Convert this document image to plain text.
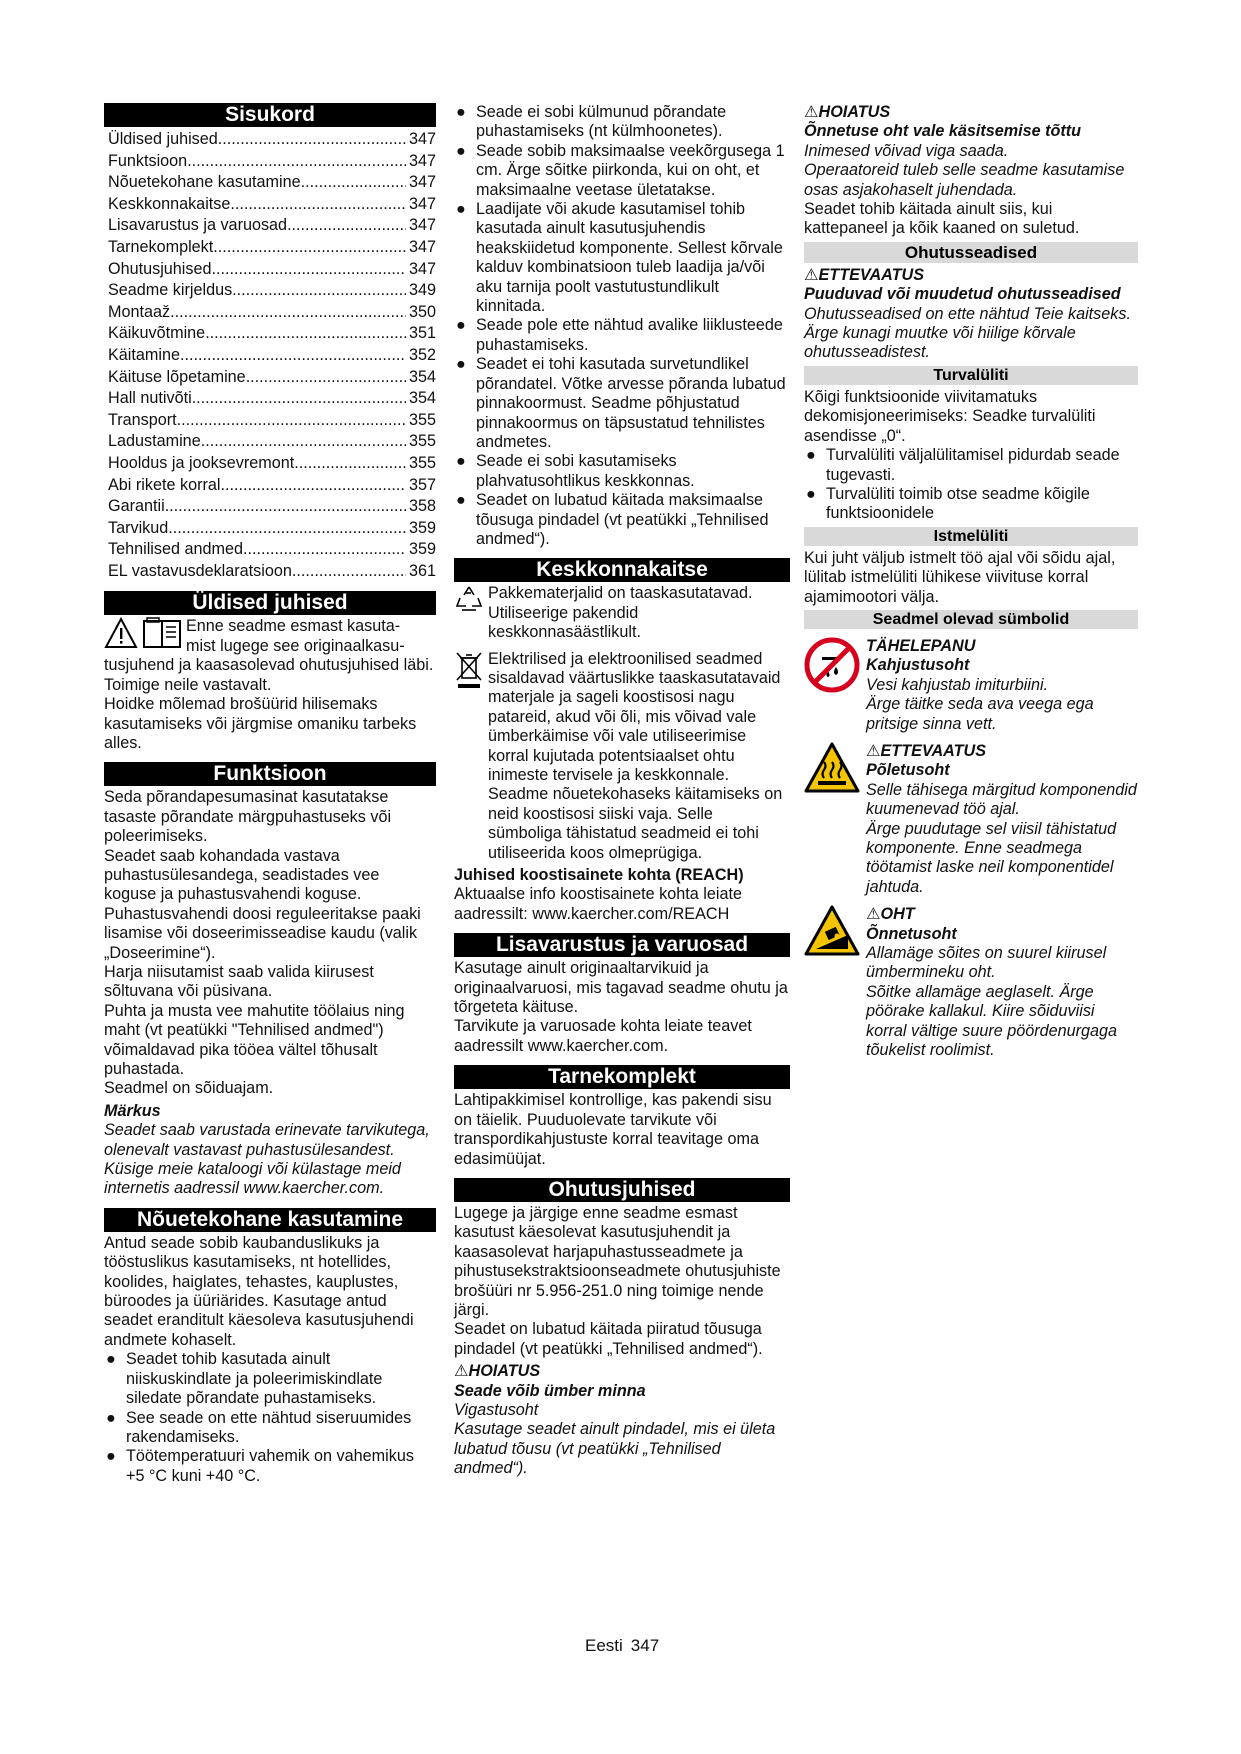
Sisukord
Üldised juhised .....	347
Funktsioon .....	347
Nõuetekohane kasutamine .....	347
Keskkonnakaitse .....	347
Lisavarustus ja varuosad .....	347
Tarnekomplekt .....	347
Ohutusjuhised .....	347
Seadme kirjeldus .....	349
Montaaž .....	350
Käikuvõtmine .....	351
Käitamine .....	352
Käituse lõpetamine .....	354
Hall nutivõti .....	354
Transport .....	355
Ladustamine .....	355
Hooldus ja jooksevremont .....	355
Abi rikete korral .....	357
Garantii .....	358
Tarvikud .....	359
Tehnilised andmed .....	359
EL vastavusdeklaratsioon .....	361
Üldised juhised

Enne seadme esmast kasuta-

mist lugege see originaalkasu-

tusjuhend ja kaasasolevad ohutusjuhised läbi. Toimige neile vastavalt.

Hoidke mõlemad brošüürid hilisemaks kasutamiseks või järgmise omaniku tarbeks alles.

Funktsioon

Seda põrandapesumasinat kasutatakse tasaste põrandate märgpuhastuseks või poleerimiseks.

Seadet saab kohandada vastava puhastusülesandega, seadistades vee koguse ja puhastusvahendi koguse. Puhastusvahendi doosi reguleeritakse paaki lisamise või doseerimisseadise kaudu (valik „Doseerimine“).

Harja niisutamist saab valida kiirusest sõltuvana või püsivana.

Puhta ja musta vee mahutite töölaius ning maht (vt peatükki "Tehnilised andmed") võimaldavad pika tööea vältel tõhusalt puhastada.

Seadmel on sõiduajam.

Märkus

Seadet saab varustada erinevate tarvikutega, olenevalt vastavast puhastusülesandest. Küsige meie kataloogi või külastage meid internetis aadressil www.kaercher.com.

Nõuetekohane kasutamine

Antud seade sobib kaubanduslikuks ja tööstuslikus kasutamiseks, nt hotellides, koolides, haiglates, tehastes, kauplustes, büroodes ja üüriärides. Kasutage antud seadet eranditult käesoleva kasutusjuhendi andmete kohaselt.

● Seadet tohib kasutada ainult niiskuskindlate ja poleerimiskindlate siledate põrandate puhastamiseks.
● See seade on ette nähtud siseruumides rakendamiseks.
● Töötemperatuuri vahemik on vahemikus +5 °C kuni +40 °C.
● Seade ei sobi külmunud põrandate puhastamiseks (nt külmhoonetes).
● Seade sobib maksimaalse veekõrgusega 1 cm. Ärge sõitke piirkonda, kui on oht, et maksimaalne veetase ületatakse.
● Laadijate või akude kasutamisel tohib kasutada ainult kasutusjuhendis heakskiidetud komponente. Sellest kõrvale kalduv kombinatsioon tuleb laadija ja/või aku tarnija poolt vastutustundlikult kinnitada.
● Seade pole ette nähtud avalike liiklusteede puhastamiseks.
● Seadet ei tohi kasutada survetundlikel põrandatel. Võtke arvesse põranda lubatud pinnakoormust. Seadme põhjustatud pinnakoormus on täpsustatud tehnilistes andmetes.
● Seade ei sobi kasutamiseks plahvatusohtlikus keskkonnas.
● Seadet on lubatud käitada maksimaalse tõusuga pindadel (vt peatükki „Tehnilised andmed“).
Keskkonnakaitse

Pakkematerjalid on taaskasutatavad. Utiliseerige pakendid keskkonnasäästlikult.

Elektrilised ja elektroonilised seadmed sisaldavad väärtuslikke taaskasutatavaid materjale ja sageli koostisosi nagu patareid, akud või õli, mis võivad vale ümberkäimise või vale utiliseerimise korral kujutada potentsiaalset ohtu inimeste tervisele ja keskkonnale. Seadme nõuetekohaseks käitamiseks on neid koostisosi siiski vaja. Selle sümboliga tähistatud seadmeid ei tohi utiliseerida koos olmeprügiga.

Juhised koostisainete kohta (REACH)

Aktuaalse info koostisainete kohta leiate aadressilt: www.kaercher.com/REACH

Lisavarustus ja varuosad

Kasutage ainult originaaltarvikuid ja originaalvaruosi, mis tagavad seadme ohutu ja tõrgeteta käituse.

Tarvikute ja varuosade kohta leiate teavet aadressilt www.kaercher.com.

Tarnekomplekt

Lahtipakkimisel kontrollige, kas pakendi sisu on täielik. Puuduolevate tarvikute või transpordikahjustuste korral teavitage oma edasimüüjat.

Ohutusjuhised

Lugege ja järgige enne seadme esmast kasutust käesolevat kasutusjuhendit ja kaasasolevat harjapuhastusseadmete ja pihustusekstraktsioonseadmete ohutusjuhiste brošüüri nr 5.956-251.0 ning toimige nende järgi.

Seadet on lubatud käitada piiratud tõusuga pindadel (vt peatükki „Tehnilised andmed“).

⚠HOIATUS

Seade võib ümber minna

Vigastusoht

Kasutage seadet ainult pindadel, mis ei ületa lubatud tõusu (vt peatükki „Tehnilised andmed“).

⚠HOIATUS

Õnnetuse oht vale käsitsemise tõttu

Inimesed võivad viga saada.

Operaatoreid tuleb selle seadme kasutamise osas asjakohaselt juhendada.

Seadet tohib käitada ainult siis, kui kattepaneel ja kõik kaaned on suletud.

Ohutusseadised

⚠ETTEVAATUS

Puuduvad või muudetud ohutusseadised

Ohutusseadised on ette nähtud Teie kaitseks. Ärge kunagi muutke või hiilige kõrvale ohutusseadistest.

Turvalüliti

Kõigi funktsioonide viivitamatuks dekomisjoneerimiseks: Seadke turvalüliti asendisse „0“.

● Turvalüliti väljalülitamisel pidurdab seade tugevasti.
● Turvalüliti toimib otse seadme kõigile funktsioonidele
Istmelüliti

Kui juht väljub istmelt töö ajal või sõidu ajal, lülitab istmelüliti lühikese viivituse korral ajamimootori välja.

Seadmel olevad sümbolid

TÄHELEPANU

Kahjustusoht

Vesi kahjustab imiturbiini.

Ärge täitke seda ava veega ega pritsige sinna vett.

⚠ETTEVAATUS

Põletusoht

Selle tähisega märgitud komponendid kuumenevad töö ajal.

Ärge puudutage sel viisil tähistatud komponente. Enne seadmega töötamist laske neil komponentidel jahtuda.

⚠OHT

Õnnetusoht

Allamäge sõites on suurel kiirusel ümbermineku oht.

Sõitke allamäge aeglaselt. Ärge pöörake kallakul. Kiire sõiduviisi korral vältige suure pöördenurgaga tõukelist roolimist.

Eesti 347
